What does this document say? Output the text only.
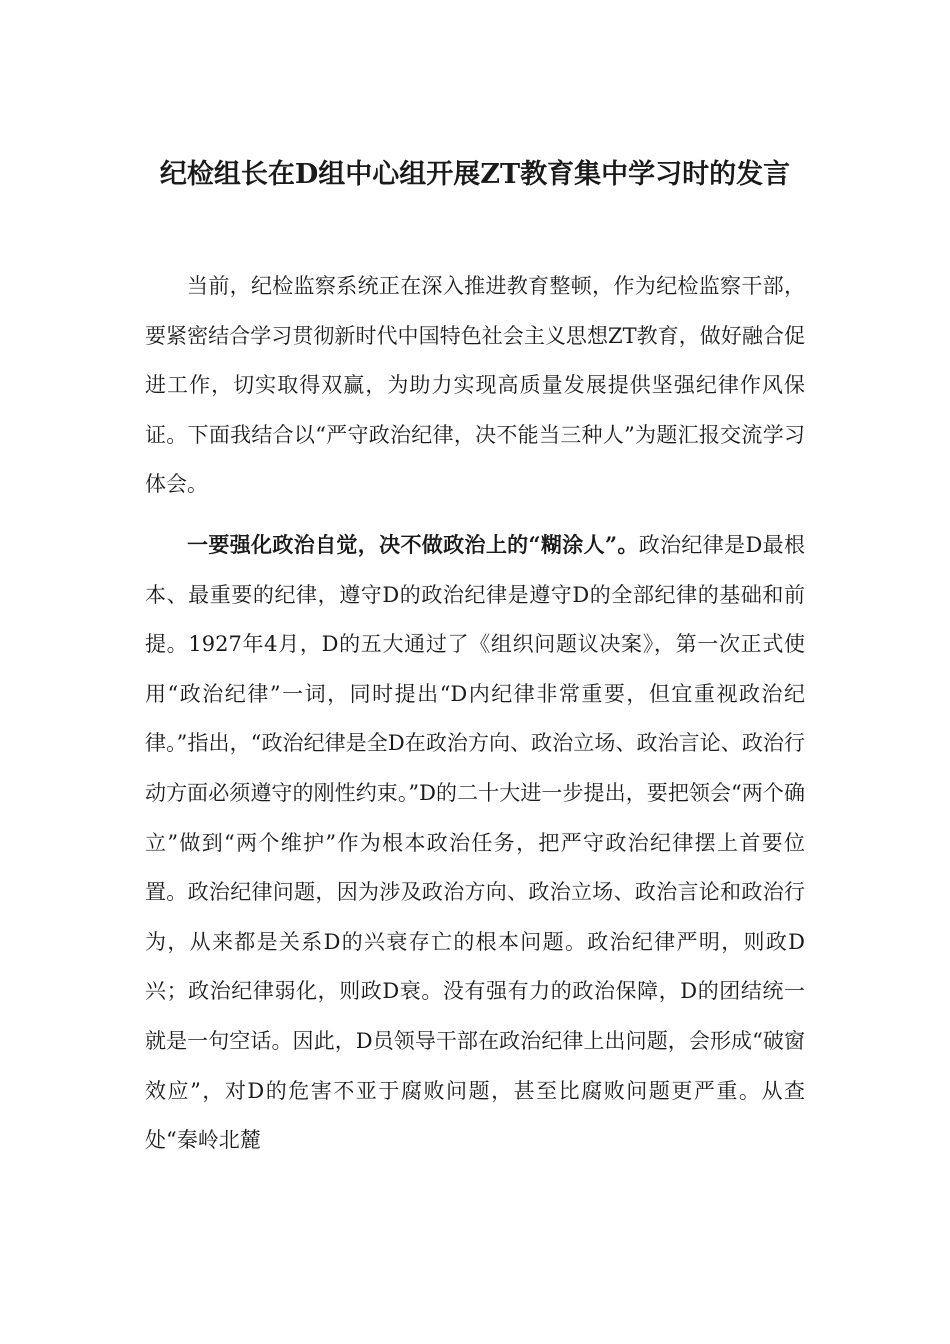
纪检组长在D组中心组开展ZT教育集中学习时的发言

当前，纪检监察系统正在深入推进教育整顿，作为纪检监察干部，要紧密结合学习贯彻新时代中国特色社会主义思想ZT教育，做好融合促进工作，切实取得双赢，为助力实现高质量发展提供坚强纪律作风保证。下面我结合以“严守政治纪律，决不能当三种人”为题汇报交流学习体会。

一要强化政治自觉，决不做政治上的“糊涂人”。政治纪律是D最根本、最重要的纪律，遵守D的政治纪律是遵守D的全部纪律的基础和前提。1927年4月，D的五大通过了《组织问题议决案》，第一次正式使用“政治纪律”一词，同时提出“D内纪律非常重要，但宜重视政治纪律。”指出，“政治纪律是全D在政治方向、政治立场、政治言论、政治行动方面必须遵守的刚性约束。”D的二十大进一步提出，要把领会“两个确立”做到“两个维护”作为根本政治任务，把严守政治纪律摆上首要位置。政治纪律问题，因为涉及政治方向、政治立场、政治言论和政治行为，从来都是关系D的兴衰存亡的根本问题。政治纪律严明，则政D兴；政治纪律弱化，则政D衰。没有强有力的政治保障，D的团结统一就是一句空话。因此，D员领导干部在政治纪律上出问题，会形成“破窗效应”，对D的危害不亚于腐败问题，甚至比腐败问题更严重。从查处“秦岭北麓
